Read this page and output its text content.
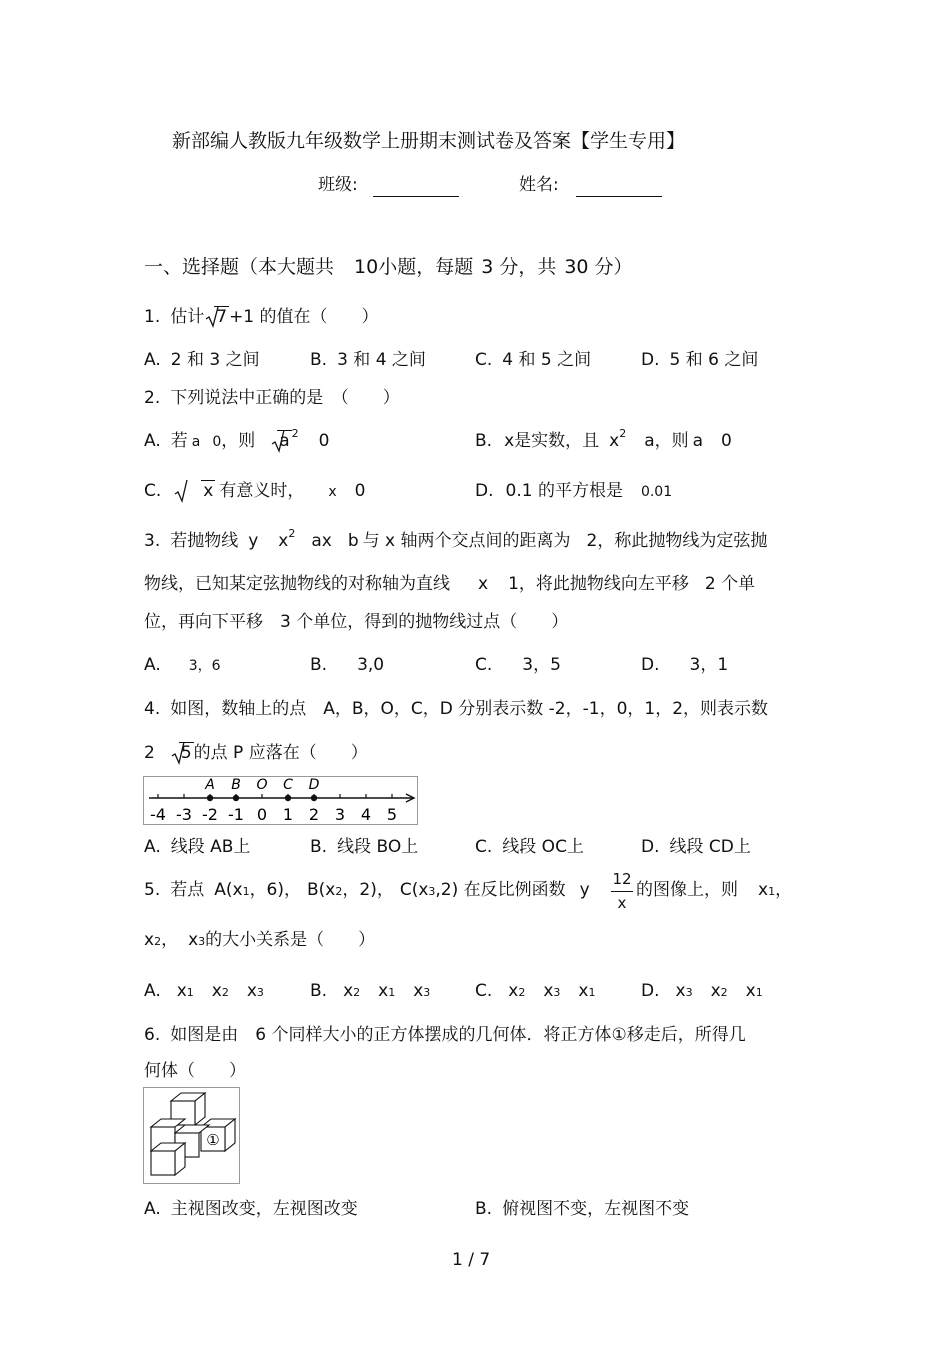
新部编人教版九年级数学上册期末测试卷及答案【学生专用】
班级:	姓名:
一、选择题（本大题共 10小题，每题 3 分，共 30 分）
1. 估计 7 +1 的值在（　　）
A. 2 和 3 之间	B. 3 和 4 之间	C. 4 和 5 之间	D. 5 和 6 之间
2. 下列说法中正确的是　（　　）
A. 若 a 0，则 a $^2$ 0	B. x是实数，且 $x^2$ a，则 a 0
C. x 有意义时， x 0	D. 0.1 的平方根是 0.01
3. 若抛物线 y $x^2$ ax b 与 x 轴两个交点间的距离为 2，称此抛物线为定弦抛
物线，已知某定弦抛物线的对称轴为直线 x 1，将此抛物线向左平移 2 个单
位，再向下平移　3 个单位，得到的抛物线过点（　　）
A. 3，6	B. 3,0	C. 3，5	D. 3，1
4. 如图，数轴上的点　A，B，O，C，D 分别表示数 -2，-1，0，1，2，则表示数
2 5 的点 P 应落在（　　）
-4 -3 -2 -1 0 1 2 3 4 5
A B O C D
A. 线段 AB上	B. 线段 BO上	C. 线段 OC上	D. 线段 CD上
5. 若点 A(x1，6)， B(x2，2)， C(x3,2) 在反比例函数 y
12
x
的图像上，则 x1，
x2， x3的大小关系是（　　）
A. x1 x2 x3	B. x2 x1 x3	C. x2 x3 x1	D. x3 x2 x1
6. 如图是由　6 个同样大小的正方体摆成的几何体．将正方体①移走后，所得几
何体（　　）
①
A. 主视图改变，左视图改变	B. 俯视图不变，左视图不变
1 / 7
